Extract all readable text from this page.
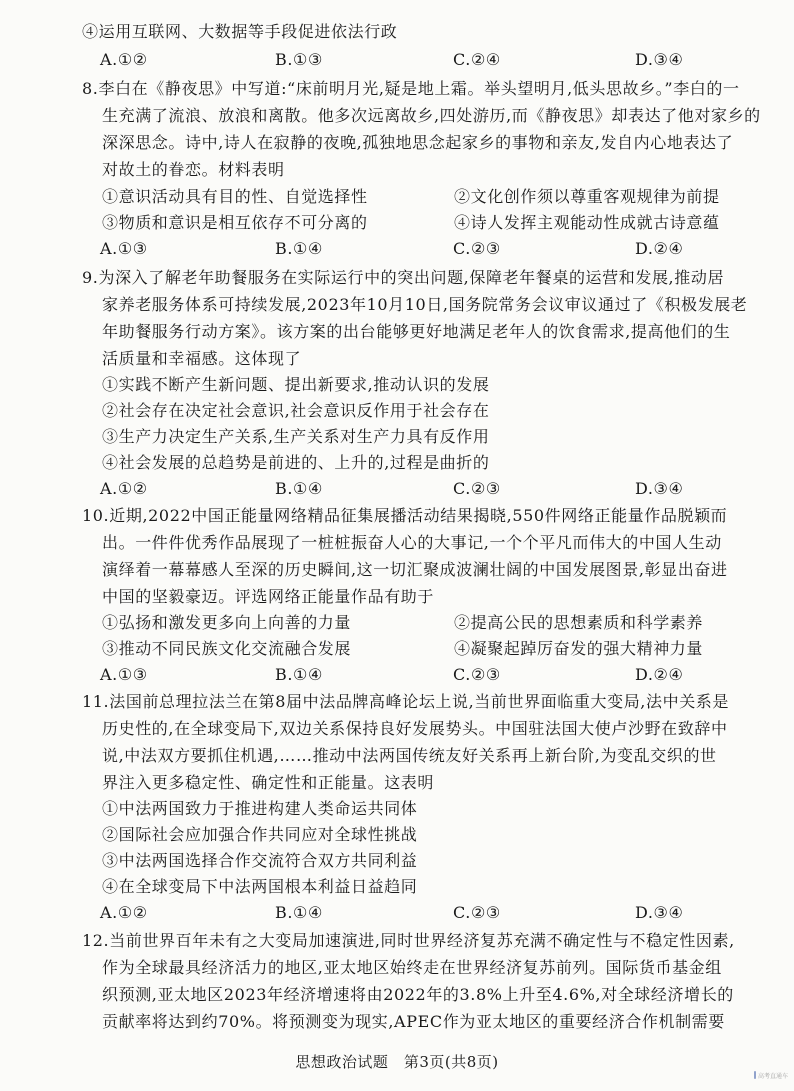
④运用互联网、大数据等手段促进依法行政
A.①②	B.①③	C.②④	D.③④
8.李白在《静夜思》中写道:“床前明月光,疑是地上霜。举头望明月,低头思故乡。”李白的一
生充满了流浪、放浪和离散。他多次远离故乡,四处游历,而《静夜思》却表达了他对家乡的
深深思念。诗中,诗人在寂静的夜晚,孤独地思念起家乡的事物和亲友,发自内心地表达了
对故土的眷恋。材料表明
①意识活动具有目的性、自觉选择性	②文化创作须以尊重客观规律为前提
③物质和意识是相互依存不可分离的	④诗人发挥主观能动性成就古诗意蕴
A.①③	B.①④	C.②③	D.②④
9.为深入了解老年助餐服务在实际运行中的突出问题,保障老年餐桌的运营和发展,推动居
家养老服务体系可持续发展,2023年10月10日,国务院常务会议审议通过了《积极发展老
年助餐服务行动方案》。该方案的出台能够更好地满足老年人的饮食需求,提高他们的生
活质量和幸福感。这体现了
①实践不断产生新问题、提出新要求,推动认识的发展
②社会存在决定社会意识,社会意识反作用于社会存在
③生产力决定生产关系,生产关系对生产力具有反作用
④社会发展的总趋势是前进的、上升的,过程是曲折的
A.①②	B.①④	C.②③	D.③④
10.近期,2022中国正能量网络精品征集展播活动结果揭晓,550件网络正能量作品脱颖而
出。一件件优秀作品展现了一桩桩振奋人心的大事记,一个个平凡而伟大的中国人生动
演绎着一幕幕感人至深的历史瞬间,这一切汇聚成波澜壮阔的中国发展图景,彰显出奋进
中国的坚毅豪迈。评选网络正能量作品有助于
①弘扬和激发更多向上向善的力量	②提高公民的思想素质和科学素养
③推动不同民族文化交流融合发展	④凝聚起踔厉奋发的强大精神力量
A.①③	B.①④	C.②③	D.②④
11.法国前总理拉法兰在第8届中法品牌高峰论坛上说,当前世界面临重大变局,法中关系是
历史性的,在全球变局下,双边关系保持良好发展势头。中国驻法国大使卢沙野在致辞中
说,中法双方要抓住机遇,……推动中法两国传统友好关系再上新台阶,为变乱交织的世
界注入更多稳定性、确定性和正能量。这表明
①中法两国致力于推进构建人类命运共同体
②国际社会应加强合作共同应对全球性挑战
③中法两国选择合作交流符合双方共同利益
④在全球变局下中法两国根本利益日益趋同
A.①②	B.①④	C.②③	D.③④
12.当前世界百年未有之大变局加速演进,同时世界经济复苏充满不确定性与不稳定性因素,
作为全球最具经济活力的地区,亚太地区始终走在世界经济复苏前列。国际货币基金组
织预测,亚太地区2023年经济增速将由2022年的3.8%上升至4.6%,对全球经济增长的
贡献率将达到约70%。将预测变为现实,APEC作为亚太地区的重要经济合作机制需要
思想政治试题　第3页(共8页)
高考直通车
